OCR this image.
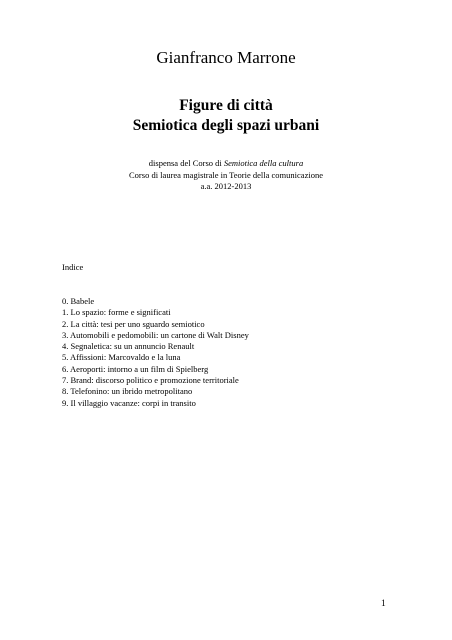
Gianfranco Marrone
Figure di città
Semiotica degli spazi urbani
dispensa del Corso di Semiotica della cultura
Corso di laurea magistrale in Teorie della comunicazione
a.a. 2012-2013
Indice
0. Babele
1. Lo spazio: forme e significati
2. La città: tesi per uno sguardo semiotico
3. Automobili e pedomobili: un cartone di Walt Disney
4. Segnaletica: su un annuncio Renault
5. Affissioni: Marcovaldo e la luna
6. Aeroporti: intorno a un film di Spielberg
7. Brand: discorso politico e promozione territoriale
8. Telefonino: un ibrido metropolitano
9. Il villaggio vacanze: corpi in transito
1
